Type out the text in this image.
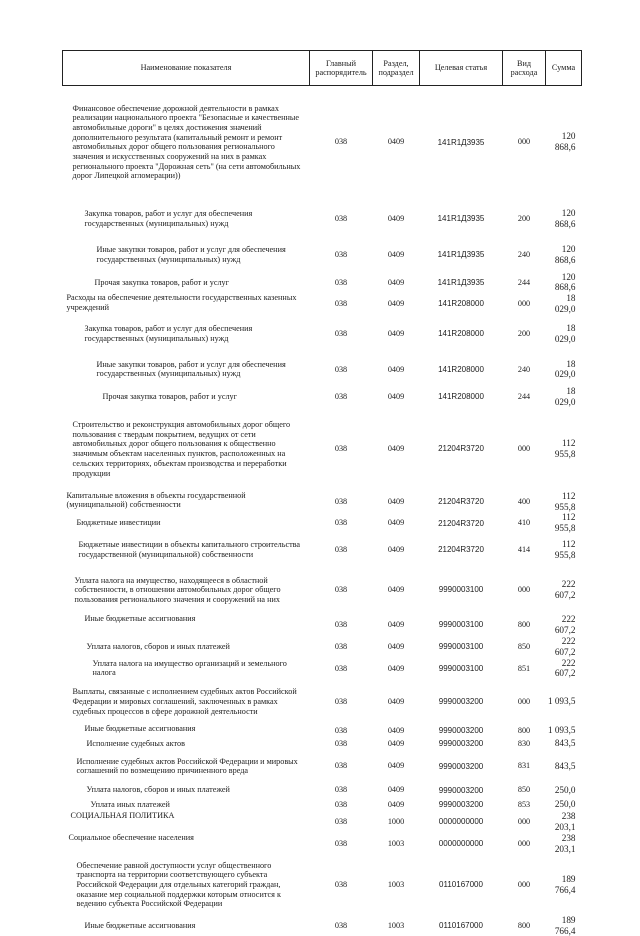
Наименование показателя	Главный распорядитель	Раздел, подраздел	Целевая статья	Вид расхода	Сумма
Финансовое обеспечение дорожной деятельности в рамках реализации национального проекта "Безопасные и качественные автомобильные дороги" в целях достижения значений дополнительного результата (капитальный ремонт и ремонт автомобильных дорог общего пользования регионального значения и искусственных сооружений на них в рамках регионального проекта "Дорожная сеть" (на сети автомобильных дорог Липецкой агломерации))	038	0409	141R1Д3935	000	120 868,6
Закупка товаров, работ и услуг для обеспечения государственных (муниципальных) нужд	038	0409	141R1Д3935	200	120 868,6
Иные закупки товаров, работ и услуг для обеспечения государственных (муниципальных) нужд	038	0409	141R1Д3935	240	120 868,6
Прочая закупка товаров, работ и услуг	038	0409	141R1Д3935	244	120 868,6
Расходы на обеспечение деятельности государственных казенных учреждений	038	0409	141R208000	000	18 029,0
Закупка товаров, работ и услуг для обеспечения государственных (муниципальных) нужд	038	0409	141R208000	200	18 029,0
Иные закупки товаров, работ и услуг для обеспечения государственных (муниципальных) нужд	038	0409	141R208000	240	18 029,0
Прочая закупка товаров, работ и услуг	038	0409	141R208000	244	18 029,0
Строительство и реконструкция автомобильных дорог общего пользования с твердым покрытием, ведущих от сети автомобильных дорог общего пользования к общественно значимым объектам населенных пунктов, расположенных на сельских территориях, объектам производства и переработки продукции	038	0409	21204R3720	000	112 955,8
Капитальные вложения в объекты государственной (муниципальной) собственности	038	0409	21204R3720	400	112 955,8
Бюджетные инвестиции	038	0409	21204R3720	410	112 955,8
Бюджетные инвестиции в объекты капитального строительства государственной (муниципальной) собственности	038	0409	21204R3720	414	112 955,8
Уплата налога на имущество, находящееся в областной собственности, в отношении автомобильных дорог общего пользования регионального значения и сооружений на них	038	0409	9990003100	000	222 607,2
Иные бюджетные ассигнования	038	0409	9990003100	800	222 607,2
Уплата налогов, сборов и иных платежей	038	0409	9990003100	850	222 607,2
Уплата налога на имущество организаций и земельного налога	038	0409	9990003100	851	222 607,2
Выплаты, связанные с исполнением судебных актов Российской Федерации и мировых соглашений, заключенных в рамках судебных процессов в сфере дорожной деятельности	038	0409	9990003200	000	1 093,5
Иные бюджетные ассигнования	038	0409	9990003200	800	1 093,5
Исполнение судебных актов	038	0409	9990003200	830	843,5
Исполнение судебных актов Российской Федерации и мировых соглашений по возмещению причиненного вреда	038	0409	9990003200	831	843,5
Уплата налогов, сборов и иных платежей	038	0409	9990003200	850	250,0
Уплата иных платежей	038	0409	9990003200	853	250,0
СОЦИАЛЬНАЯ ПОЛИТИКА	038	1000	0000000000	000	238 203,1
Социальное обеспечение населения	038	1003	0000000000	000	238 203,1
Обеспечение равной доступности услуг общественного транспорта на территории соответствующего субъекта Российской Федерации для отдельных категорий граждан, оказание мер социальной поддержки которым относится к ведению субъекта Российской Федерации	038	1003	0110167000	000	189 766,4
Иные бюджетные ассигнования	038	1003	0110167000	800	189 766,4
